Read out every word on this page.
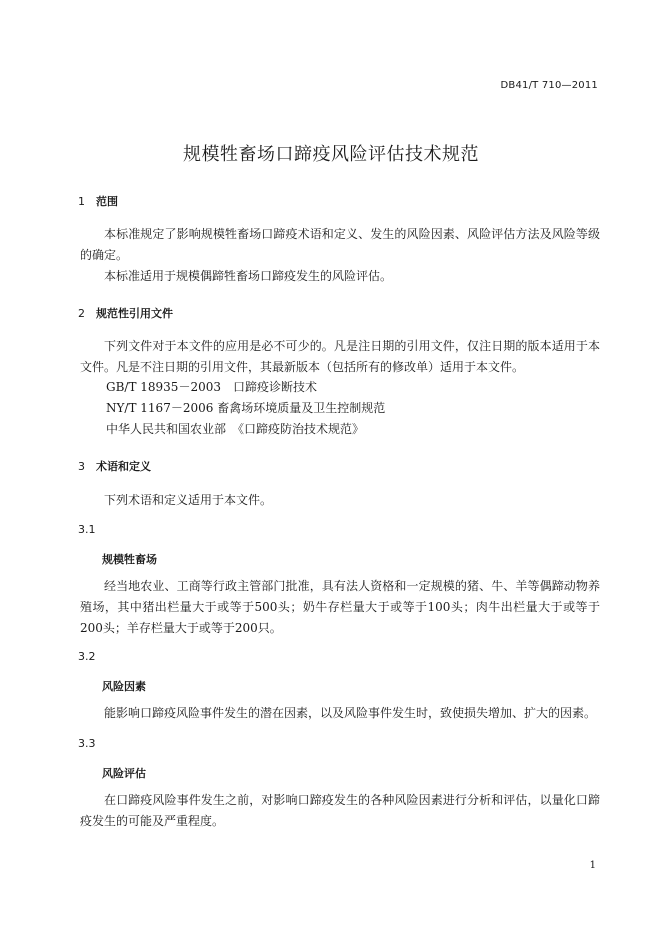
DB41/T 710—2011
规模牲畜场口蹄疫风险评估技术规范
1 范围

本标准规定了影响规模牲畜场口蹄疫术语和定义、发生的风险因素、风险评估方法及风险等级的确定。

本标准适用于规模偶蹄牲畜场口蹄疫发生的风险评估。

2 规范性引用文件

下列文件对于本文件的应用是必不可少的。凡是注日期的引用文件，仅注日期的版本适用于本文件。凡是不注日期的引用文件，其最新版本（包括所有的修改单）适用于本文件。

GB/T 18935－2003　 口蹄疫诊断技术
NY/T 1167－2006 畜禽场环境质量及卫生控制规范
中华人民共和国农业部　 《口蹄疫防治技术规范》
3 术语和定义

下列术语和定义适用于本文件。

3.1
规模牲畜场

经当地农业、工商等行政主管部门批准，具有法人资格和一定规模的猪、牛、羊等偶蹄动物养殖场，其中猪出栏量大于或等于500头；奶牛存栏量大于或等于100头；肉牛出栏量大于或等于200头；羊存栏量大于或等于200只。

3.2
风险因素

能影响口蹄疫风险事件发生的潜在因素，以及风险事件发生时，致使损失增加、扩大的因素。

3.3
风险评估

在口蹄疫风险事件发生之前，对影响口蹄疫发生的各种风险因素进行分析和评估，以量化口蹄疫发生的可能及严重程度。

1
